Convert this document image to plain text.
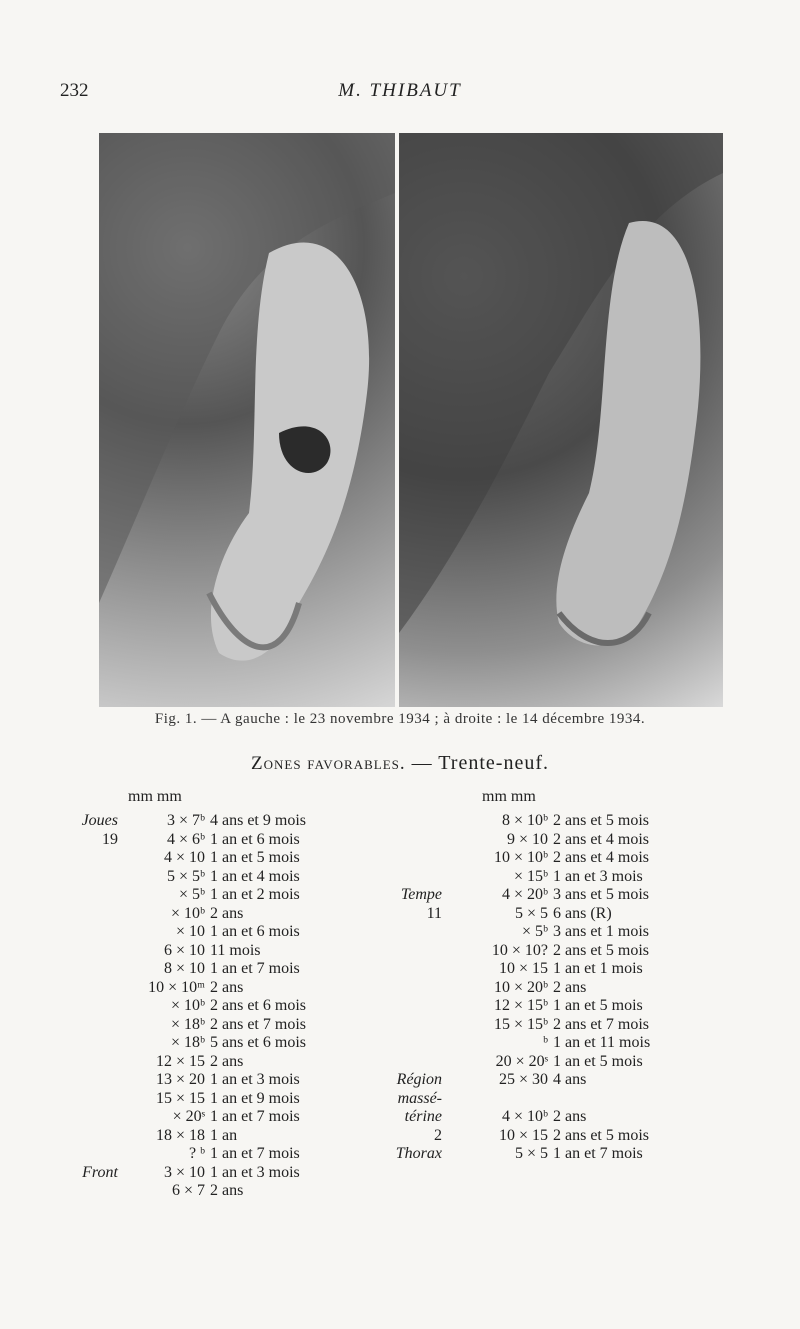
232	M. THIBAUT
Fig. 1. — A gauche : le 23 novembre 1934 ; à droite : le 14 décembre 1934.
Zones favorables. — Trente-neuf.
mm mm
3 × 7ᵇ 4 ans et 9 mois
4 × 6ᵇ 1 an et 6 mois
4 × 10 1 an et 5 mois
5 × 5ᵇ 1 an et 4 mois
× 5ᵇ 1 an et 2 mois
× 10ᵇ 2 ans
× 10 1 an et 6 mois
6 × 10 11 mois
8 × 10 1 an et 7 mois
10 × 10ᵐ 2 ans
× 10ᵇ 2 ans et 6 mois
× 18ᵇ 2 ans et 7 mois
× 18ᵇ 5 ans et 6 mois
12 × 15 2 ans
13 × 20 1 an et 3 mois
15 × 15 1 an et 9 mois
× 20ˢ 1 an et 7 mois
18 × 18 1 an
? ᵇ 1 an et 7 mois
3 × 10 1 an et 3 mois
6 × 7 2 ans
Joues
19
Front
mm mm
8 × 10ᵇ 2 ans et 5 mois
9 × 10 2 ans et 4 mois
10 × 10ᵇ 2 ans et 4 mois
× 15ᵇ 1 an et 3 mois
4 × 20ᵇ 3 ans et 5 mois
5 × 5 6 ans (R)
× 5ᵇ 3 ans et 1 mois
10 × 10? 2 ans et 5 mois
10 × 15 1 an et 1 mois
10 × 20ᵇ 2 ans
12 × 15ᵇ 1 an et 5 mois
15 × 15ᵇ 2 ans et 7 mois
ᵇ 1 an et 11 mois
20 × 20ˢ 1 an et 5 mois
25 × 30 4 ans
4 × 10ᵇ 2 ans
10 × 15 2 ans et 5 mois
5 × 5 1 an et 7 mois
Tempe
11
Région
massé-
térine
2
Thorax
